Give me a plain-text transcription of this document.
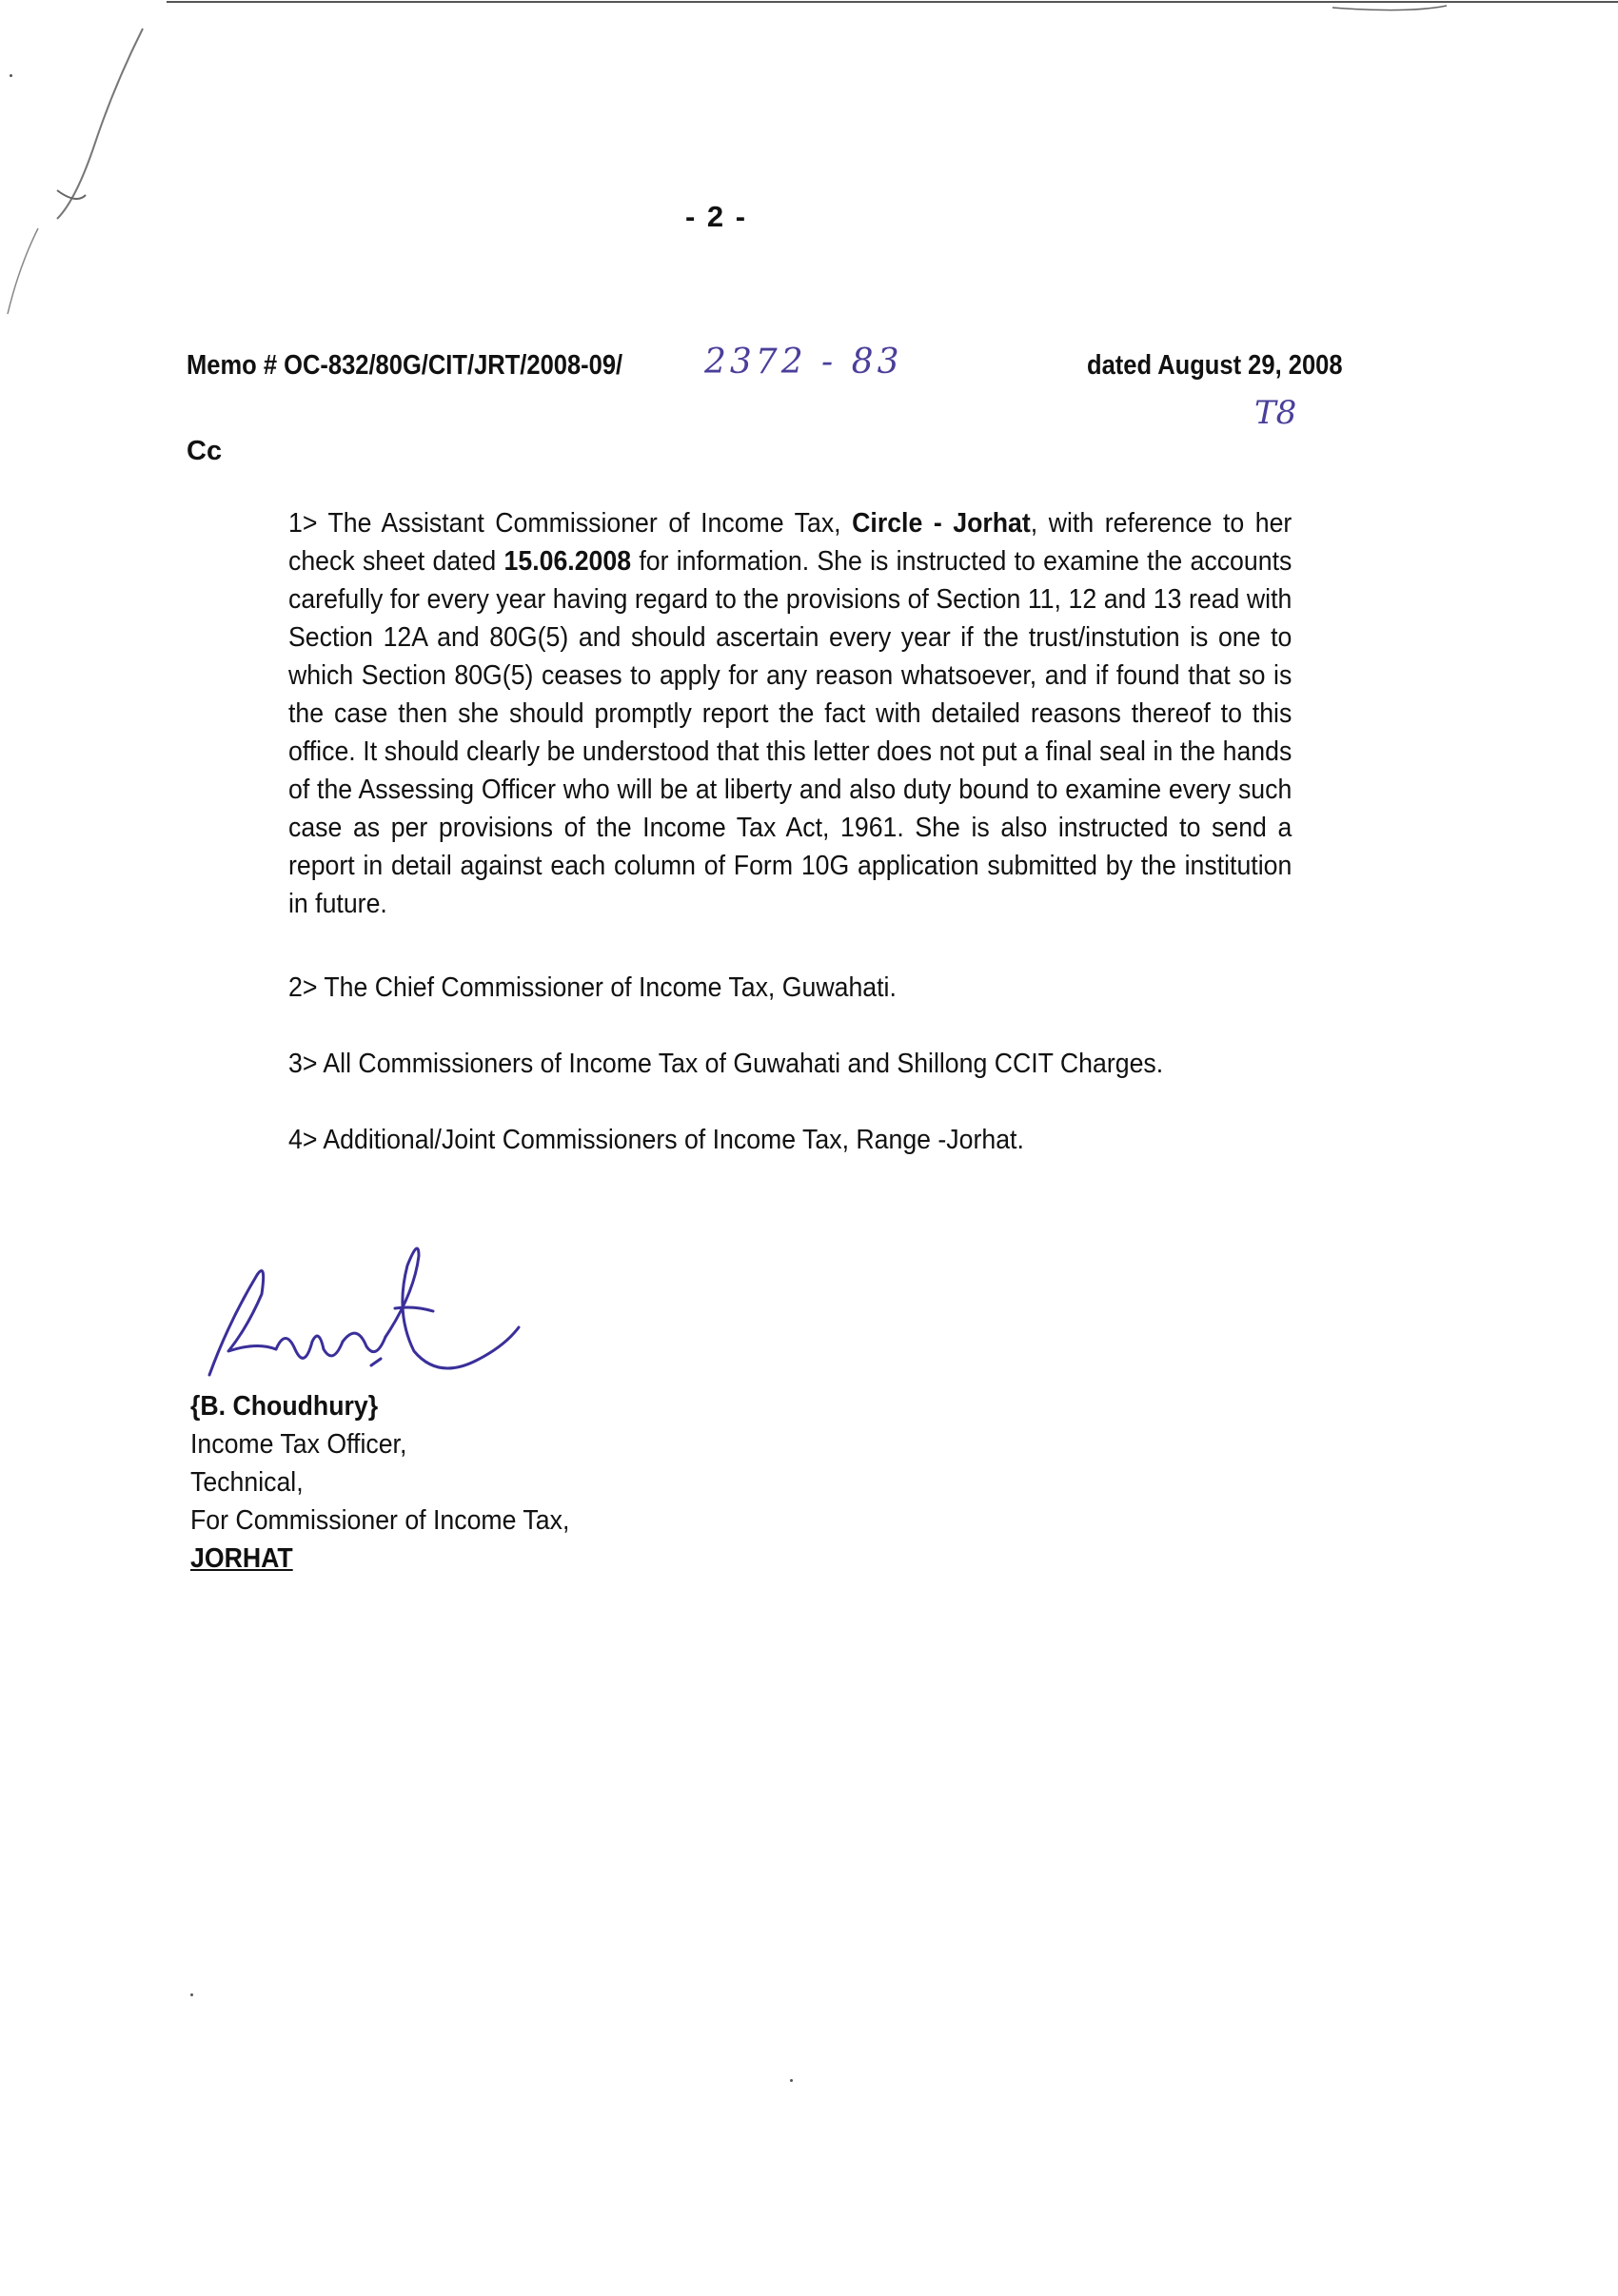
- 2 -
Memo # OC-832/80G/CIT/JRT/2008-09/ 2372 - 83	dated August 29, 2008
T8
Cc
1> The Assistant Commissioner of Income Tax, Circle - Jorhat, with reference to her check sheet dated 15.06.2008 for information. She is instructed to examine the accounts carefully for every year having regard to the provisions of Section 11, 12 and 13 read with Section 12A and 80G(5) and should ascertain every year if the trust/instution is one to which Section 80G(5) ceases to apply for any reason whatsoever, and if found that so is the case then she should promptly report the fact with detailed reasons thereof to this office. It should clearly be understood that this letter does not put a final seal in the hands of the Assessing Officer who will be at liberty and also duty bound to examine every such case as per provisions of the Income Tax Act, 1961. She is also instructed to send a report in detail against each column of Form 10G application submitted by the institution in future.
2> The Chief Commissioner of Income Tax, Guwahati.
3> All Commissioners of Income Tax of Guwahati and Shillong CCIT Charges.
4> Additional/Joint Commissioners of Income Tax, Range -Jorhat.
{B. Choudhury}
Income Tax Officer,
Technical,
For Commissioner of Income Tax,
JORHAT
